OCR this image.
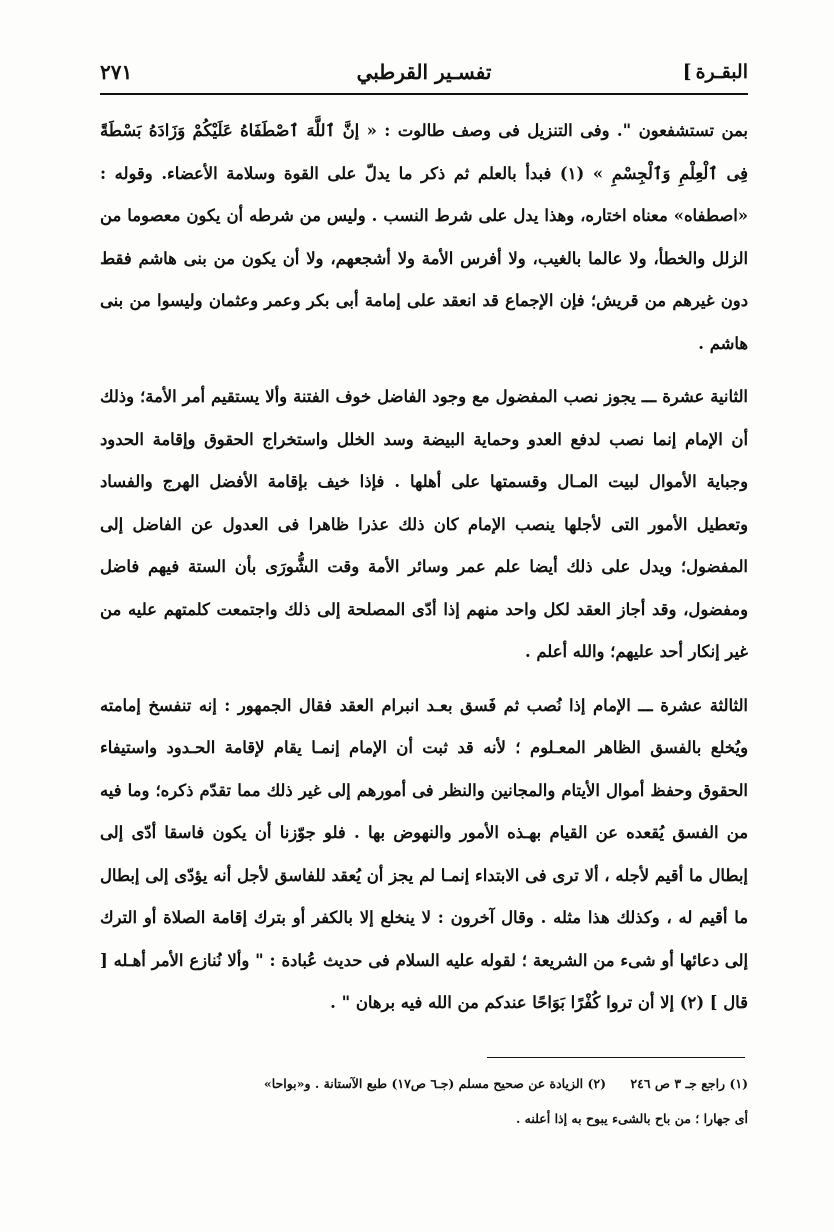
البقـرة]
تفسـير القرطبي
٢٧١

بمن تستشفعون ". وفى التنزيل فى وصف طالوت : « إنَّ ٱللَّهَ ٱصْطَفَاهُ عَلَيْكُمْ وَزَادَهُ بَسْطَةً فِى ٱلْعِلْمِ وَٱلْجِسْمِ » (١) فبدأ بالعلم ثم ذكر ما يدلّ على القوة وسلامة الأعضاء. وقوله : «اصطفاه» معناه اختاره، وهذا يدل على شرط النسب . وليس من شرطه أن يكون معصوما من الزلل والخطأ، ولا عالما بالغيب، ولا أفرس الأمة ولا أشجعهم، ولا أن يكون من بنى هاشم فقط دون غيرهم من قريش؛ فإن الإجماع قد انعقد على إمامة أبى بكر وعمر وعثمان وليسوا من بنى هاشم .

الثانية عشرة ـــ يجوز نصب المفضول مع وجود الفاضل خوف الفتنة وألا يستقيم أمر الأمة؛ وذلك أن الإمام إنما نصب لدفع العدو وحماية البيضة وسد الخلل واستخراج الحقوق وإقامة الحدود وجباية الأموال لبيت المـال وقسمتها على أهلها . فإذا خيف بإقامة الأفضل الهرج والفساد وتعطيل الأمور التى لأجلها ينصب الإمام كان ذلك عذرا ظاهرا فى العدول عن الفاضل إلى المفضول؛ ويدل على ذلك أيضا علم عمر وسائر الأمة وقت الشُّورَى بأن الستة فيهم فاضل ومفضول، وقد أجاز العقد لكل واحد منهم إذا أدّى المصلحة إلى ذلك واجتمعت كلمتهم عليه من غير إنكار أحد عليهم؛ والله أعلم .

الثالثة عشرة ـــ الإمام إذا نُصب ثم فَسق بعـد انبرام العقد فقال الجمهور : إنه تنفسخ إمامته ويُخلع بالفسق الظاهر المعـلوم ؛ لأنه قد ثبت أن الإمام إنمـا يقام لإقامة الحـدود واستيفاء الحقوق وحفظ أموال الأيتام والمجانين والنظر فى أمورهم إلى غير ذلك مما تقدّم ذكره؛ وما فيه من الفسق يُقعده عن القيام بهـذه الأمور والنهوض بها . فلو جوّزنا أن يكون فاسقا أدّى إلى إبطال ما أقيم لأجله ، ألا ترى فى الابتداء إنمـا لم يجز أن يُعقد للفاسق لأجل أنه يؤدّى إلى إبطال ما أقيم له ، وكذلك هذا مثله . وقال آخرون : لا ينخلع إلا بالكفر أو بترك إقامة الصلاة أو الترك إلى دعائها أو شىء من الشريعة ؛ لقوله عليه السلام فى حديث عُبادة : " وألا نُنازع الأمر أهـله [ قال ] (٢) إلا أن تروا كُفْرًا بَوَاحًا عندكم من الله فيه برهان " .

(١) راجع جـ ٣ ص ٢٤٦ (٢) الزيادة عن صحيح مسلم (جـ٦ ص١٧) طبع الآستانة . و«بواحا»
أى جهارا ؛ من باح بالشىء يبوح به إذا أعلنه .
